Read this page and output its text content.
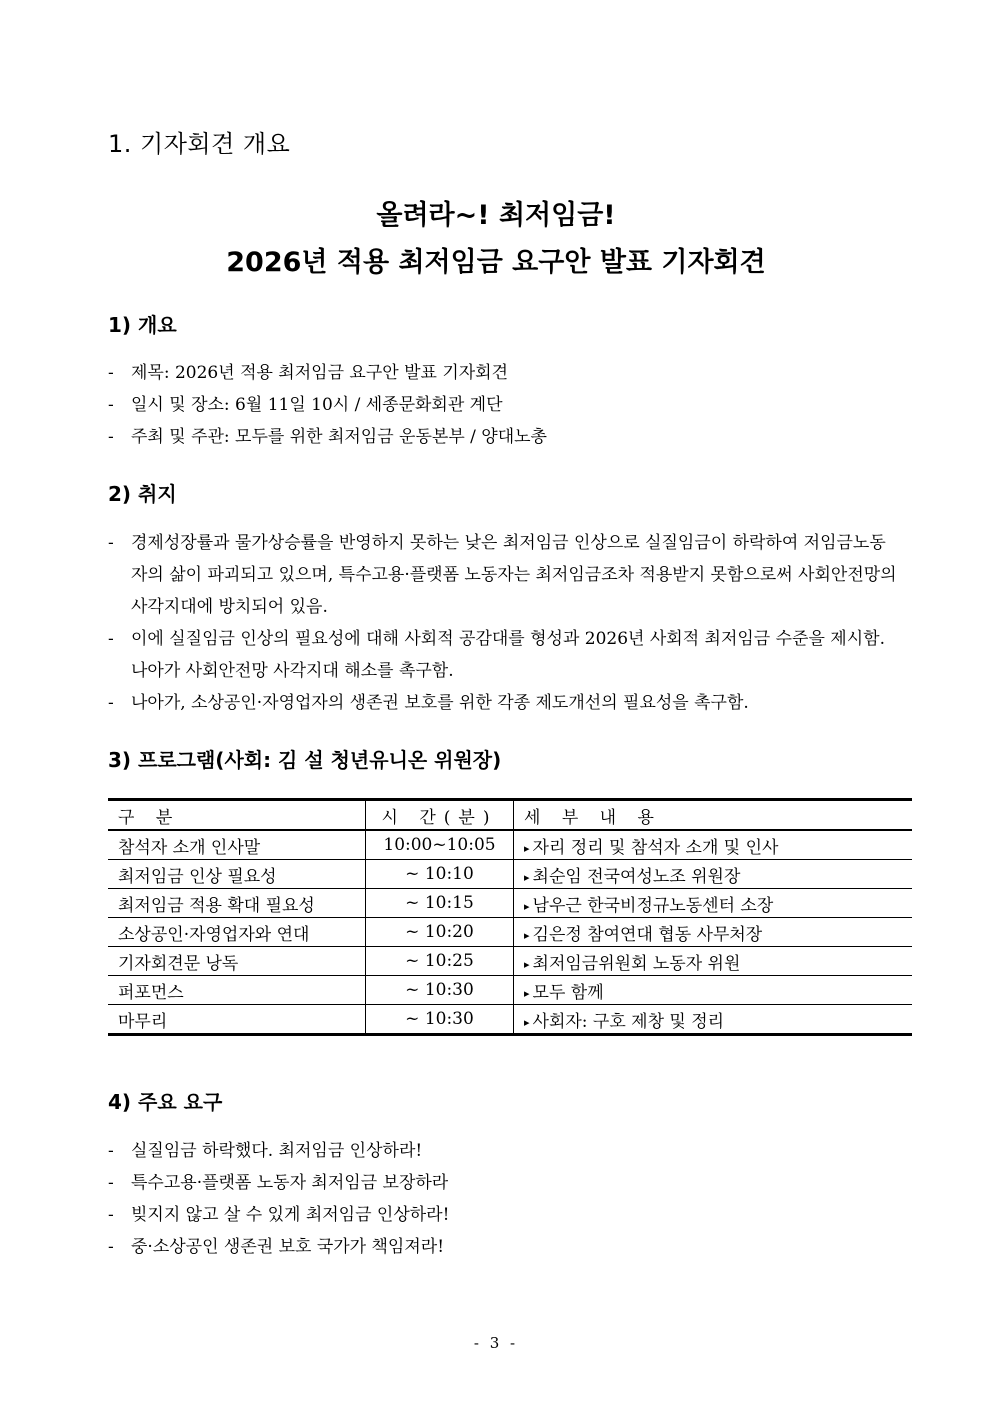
1. 기자회견 개요
올려라~! 최저임금!
2026년 적용 최저임금 요구안 발표 기자회견
1) 개요
- 제목: 2026년 적용 최저임금 요구안 발표 기자회견
- 일시 및 장소: 6월 11일 10시 / 세종문화회관 계단
- 주최 및 주관: 모두를 위한 최저임금 운동본부 / 양대노총
2) 취지
- 경제성장률과 물가상승률을 반영하지 못하는 낮은 최저임금 인상으로 실질임금이 하락하여 저임금노동자의 삶이 파괴되고 있으며, 특수고용·플랫폼 노동자는 최저임금조차 적용받지 못함으로써 사회안전망의 사각지대에 방치되어 있음.
- 이에 실질임금 인상의 필요성에 대해 사회적 공감대를 형성과 2026년 사회적 최저임금 수준을 제시함. 나아가 사회안전망 사각지대 해소를 촉구함.
- 나아가, 소상공인·자영업자의 생존권 보호를 위한 각종 제도개선의 필요성을 촉구함.
3) 프로그램(사회: 김 설 청년유니온 위원장)
구 분	시 간(분)	세 부 내 용
참석자 소개 인사말	10:00~10:05	▸ 자리 정리 및 참석자 소개 및 인사
최저임금 인상 필요성	~ 10:10	▸ 최순임 전국여성노조 위원장
최저임금 적용 확대 필요성	~ 10:15	▸ 남우근 한국비정규노동센터 소장
소상공인·자영업자와 연대	~ 10:20	▸ 김은정 참여연대 협동 사무처장
기자회견문 낭독	~ 10:25	▸ 최저임금위원회 노동자 위원
퍼포먼스	~ 10:30	▸ 모두 함께
마무리	~ 10:30	▸ 사회자: 구호 제창 및 정리
4) 주요 요구
- 실질임금 하락했다. 최저임금 인상하라!
- 특수고용·플랫폼 노동자 최저임금 보장하라
- 빚지지 않고 살 수 있게 최저임금 인상하라!
- 중·소상공인 생존권 보호 국가가 책임져라!
- 3 -
